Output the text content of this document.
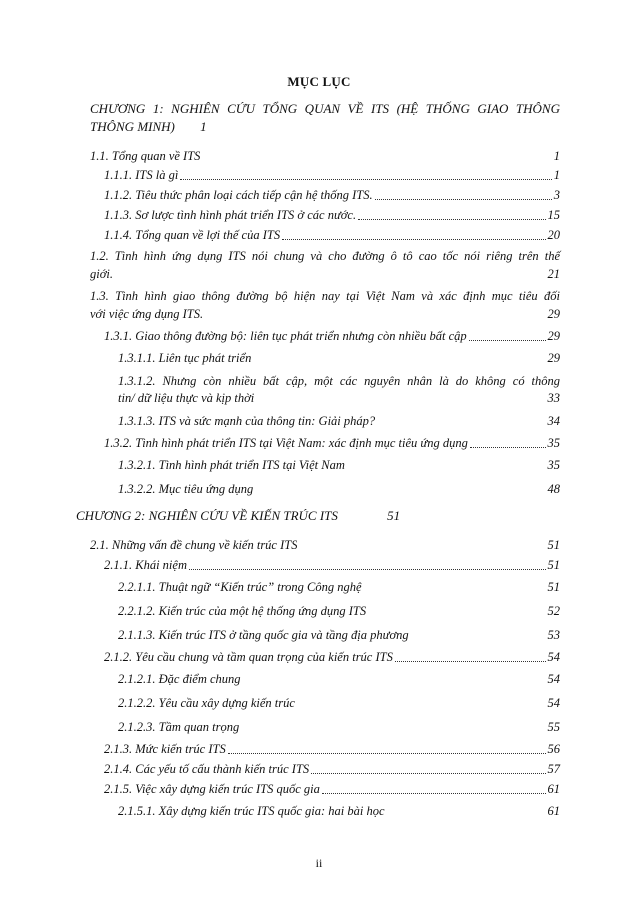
MỤC LỤC
CHƯƠNG 1: NGHIÊN CỨU TỔNG QUAN VỀ ITS (HỆ THỐNG GIAO THÔNG
THÔNG MINH) 1
1.1. Tổng quan về ITS	1
1.1.1. ITS là gì	1
1.1.2. Tiêu thức phân loại cách tiếp cận hệ thống ITS.	3
1.1.3. Sơ lược tình hình phát triển ITS ở các nước.	15
1.1.4. Tổng quan về lợi thế của ITS	20
1.2. Tình hình ứng dụng ITS nói chung và cho đường ô tô cao tốc nói riêng trên thế
giới.	21
1.3. Tình hình giao thông đường bộ hiện nay tại Việt Nam và xác định mục tiêu đối
với việc ứng dụng ITS.	29
1.3.1. Giao thông đường bộ: liên tục phát triển nhưng còn nhiều bất cập	29
1.3.1.1. Liên tục phát triển	29
1.3.1.2. Nhưng còn nhiều bất cập, một các nguyên nhân là do không có thông
tin/ dữ liệu thực và kịp thời	33
1.3.1.3. ITS và sức mạnh của thông tin: Giải pháp?	34
1.3.2. Tình hình phát triển ITS tại Việt Nam: xác định mục tiêu ứng dụng	35
1.3.2.1. Tình hình phát triển ITS tại Việt Nam	35
1.3.2.2. Mục tiêu ứng dụng	48
CHƯƠNG 2: NGHIÊN CỨU VỀ KIẾN TRÚC ITS	51
2.1. Những vấn đề chung về kiến trúc ITS	51
2.1.1. Khái niệm	51
2.2.1.1. Thuật ngữ “Kiến trúc” trong Công nghệ	51
2.2.1.2. Kiến trúc của một hệ thống ứng dụng ITS	52
2.1.1.3. Kiến trúc ITS ở tầng quốc gia và tầng địa phương	53
2.1.2. Yêu cầu chung và tầm quan trọng của kiến trúc ITS	54
2.1.2.1. Đặc điểm chung	54
2.1.2.2. Yêu cầu xây dựng kiến trúc	54
2.1.2.3. Tầm quan trọng	55
2.1.3. Mức kiến trúc ITS	56
2.1.4. Các yếu tố cấu thành kiến trúc ITS	57
2.1.5. Việc xây dựng kiến trúc ITS quốc gia	61
2.1.5.1. Xây dựng kiến trúc ITS quốc gia: hai bài học	61
ii
